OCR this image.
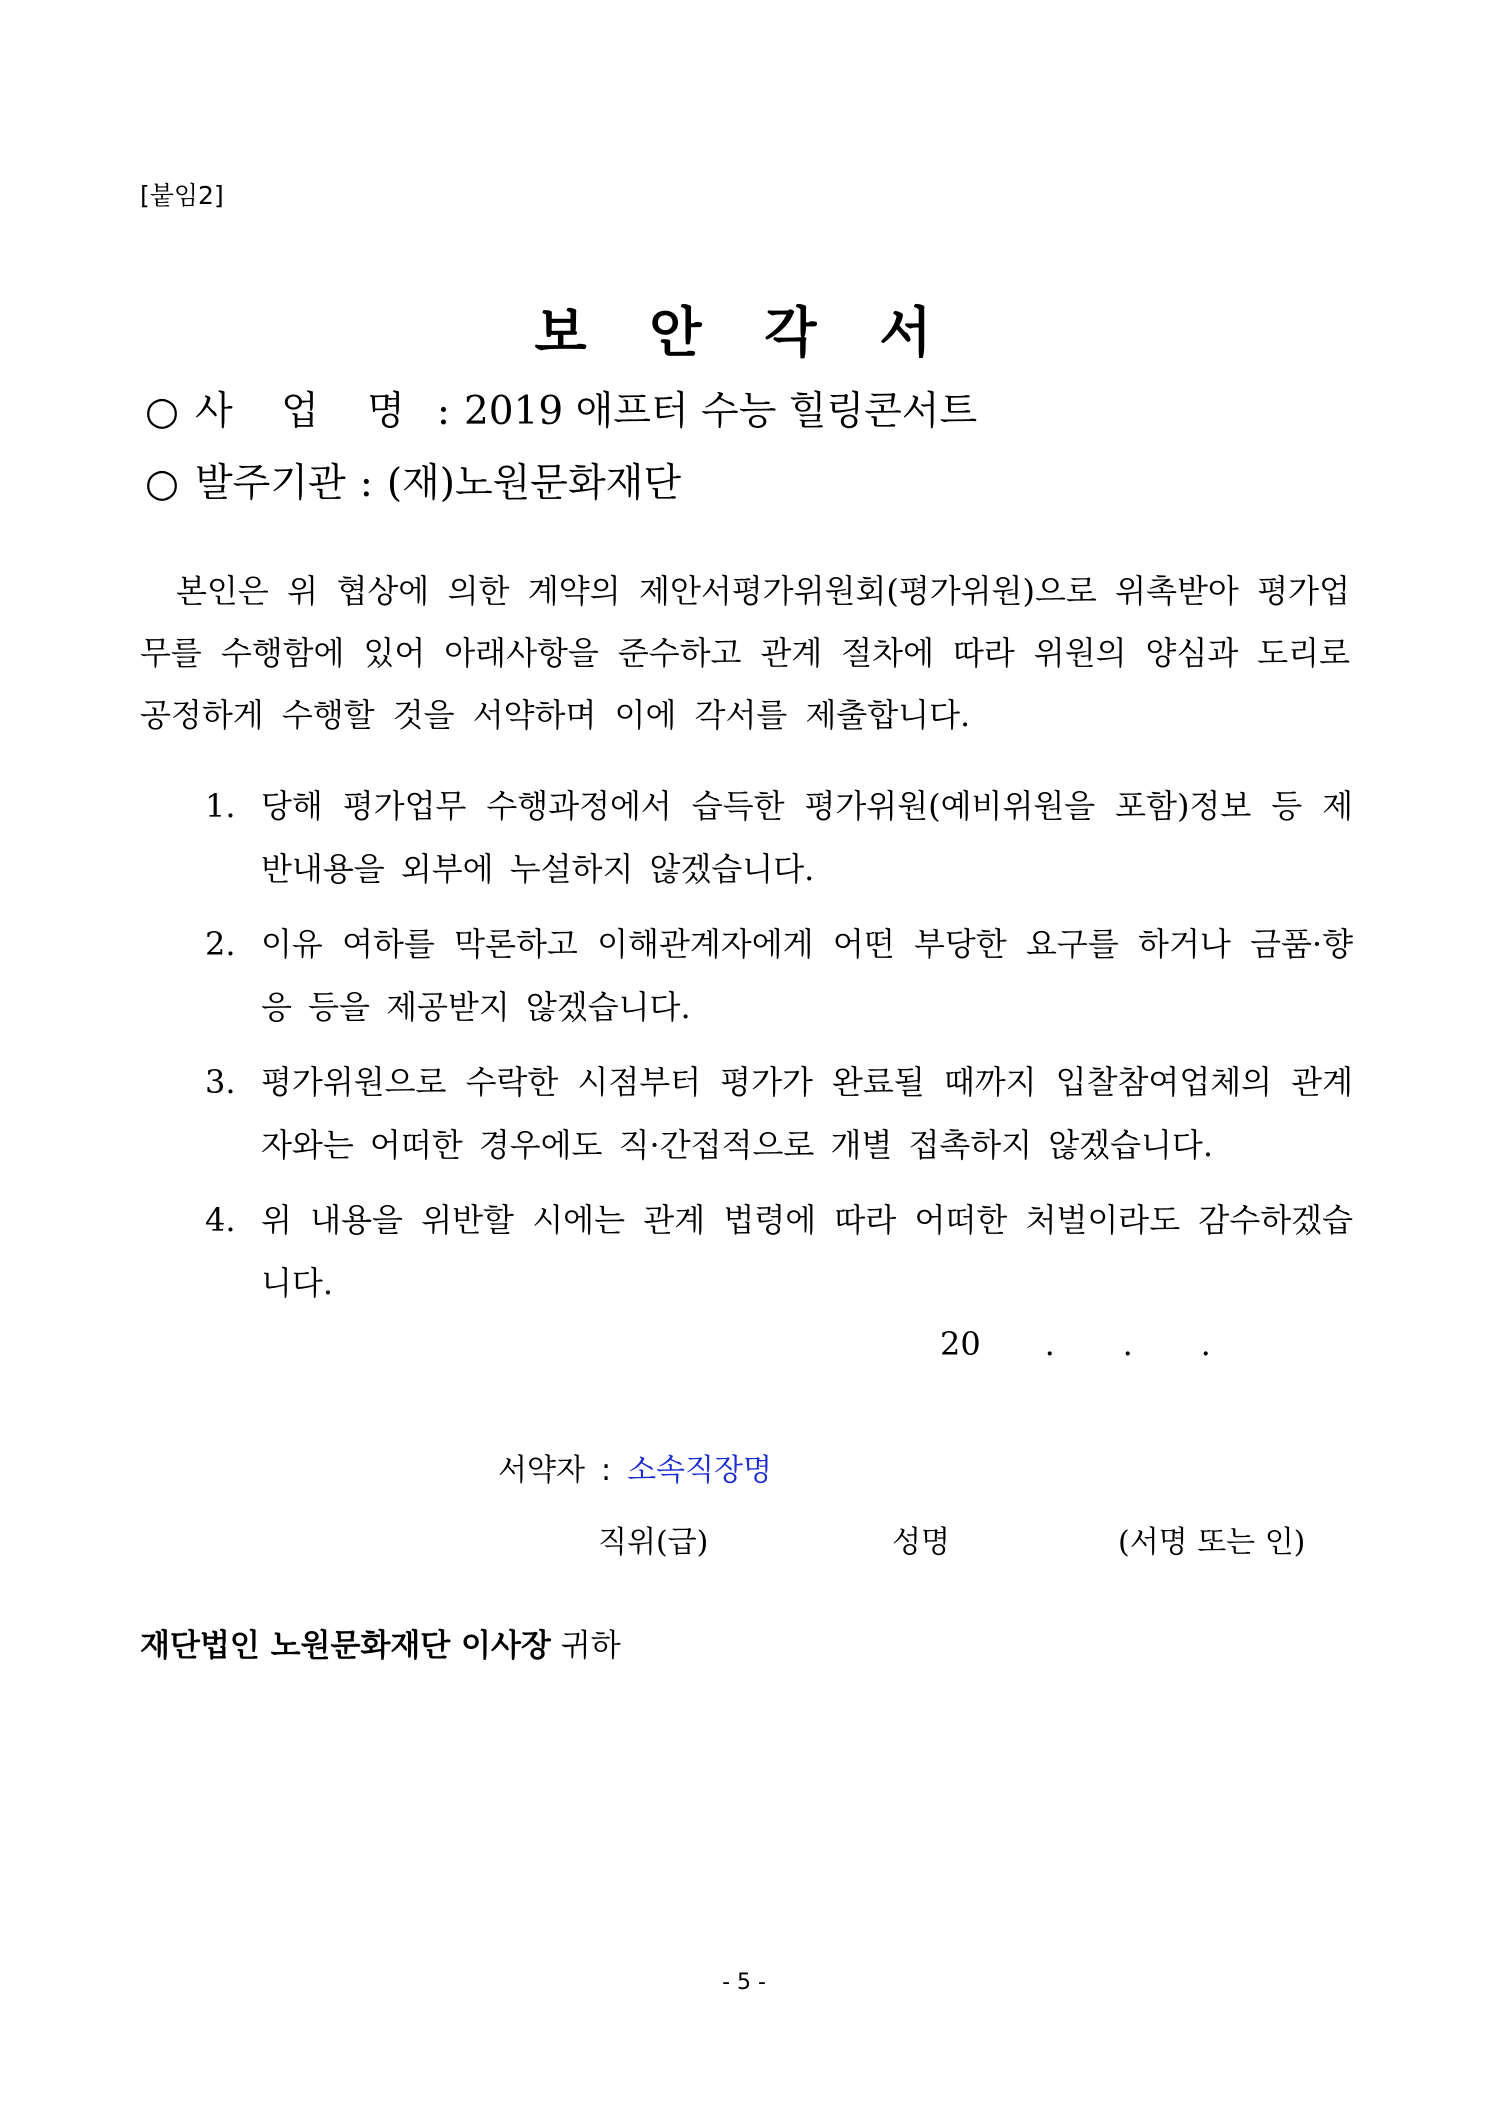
[붙임2]
보 안 각 서
○ 사 업 명 : 2019 애프터 수능 힐링콘서트
○ 발주기관 : (재)노원문화재단
본인은 위 협상에 의한 계약의 제안서평가위원회(평가위원)으로 위촉받아 평가업무를 수행함에 있어 아래사항을 준수하고 관계 절차에 따라 위원의 양심과 도리로 공정하게 수행할 것을 서약하며 이에 각서를 제출합니다.
1. 당해 평가업무 수행과정에서 습득한 평가위원(예비위원을 포함)정보 등 제반내용을 외부에 누설하지 않겠습니다.
2. 이유 여하를 막론하고 이해관계자에게 어떤 부당한 요구를 하거나 금품·향응 등을 제공받지 않겠습니다.
3. 평가위원으로 수락한 시점부터 평가가 완료될 때까지 입찰참여업체의 관계자와는 어떠한 경우에도 직·간접적으로 개별 접촉하지 않겠습니다.
4. 위 내용을 위반할 시에는 관계 법령에 따라 어떠한 처벌이라도 감수하겠습니다.
20 . . .
서약자 : 소속직장명
직위(급)	성명	(서명 또는 인)
재단법인 노원문화재단 이사장 귀하
- 5 -
